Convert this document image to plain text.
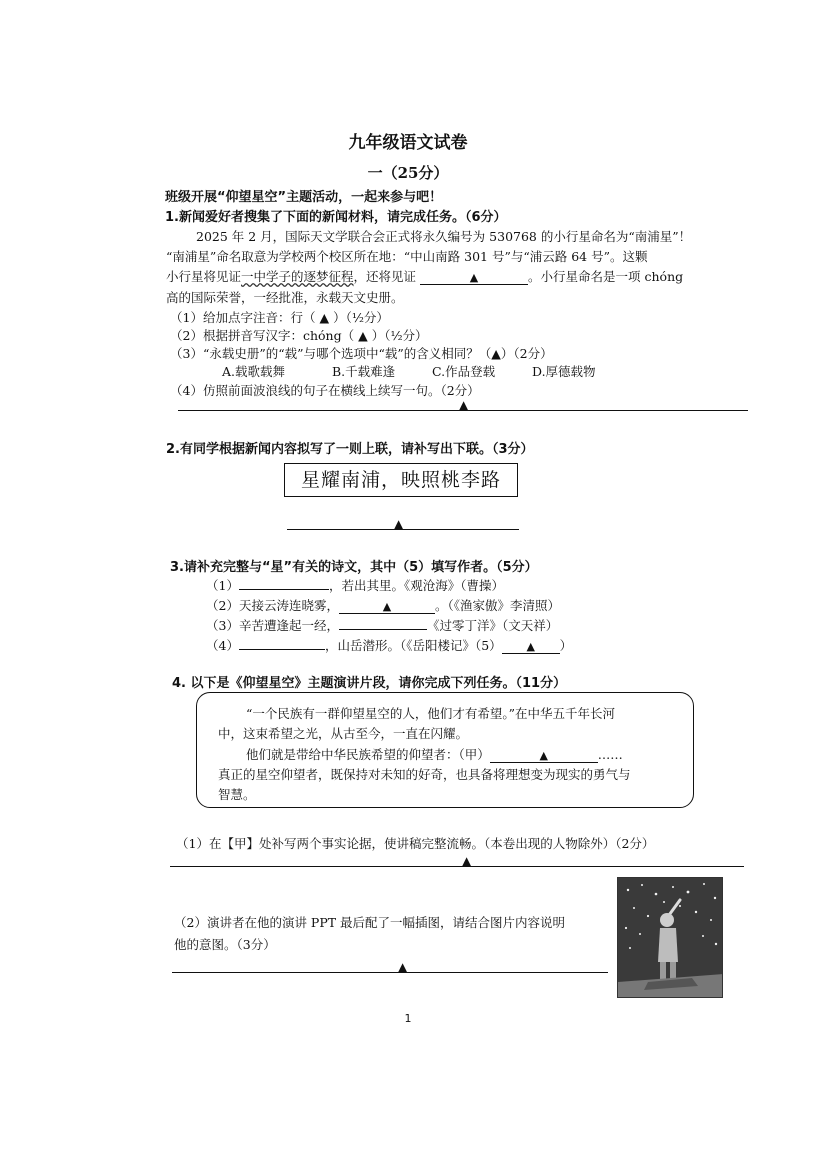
九年级语文试卷
一（25分）
班级开展“仰望星空”主题活动，一起来参与吧！
1.新闻爱好者搜集了下面的新闻材料，请完成任务。（6分）
2025 年 2 月，国际天文学联合会正式将永久编号为 530768 的小行星命名为“南浦星”！
“南浦星”命名取意为学校两个校区所在地：“中山南路 301 号”与“浦云路 64 号”。这颗
小行星将见证一中学子的逐梦征程，还将见证	▲	。小行星命名是一项 chóng
高的国际荣誉，一经批准，永载天文史册。
（1）给加点字注音：行（ ▲ ）（½分）
（2）根据拼音写汉字：chóng（ ▲ ）（½分）
（3）“永载史册”的“载”与哪个选项中“载”的含义相同？（▲）（2分）
A.载歌载舞	B.千载难逢	C.作品登载	D.厚德载物
（4）仿照前面波浪线的句子在横线上续写一句。（2分）
▲
2.有同学根据新闻内容拟写了一则上联，请补写出下联。（3分）
星耀南浦，映照桃李路
▲
3.请补充完整与“星”有关的诗文，其中（5）填写作者。（5分）
（1）	，若出其里。《观沧海》（曹操）
（2）天接云涛连晓雾，	▲	。（《渔家傲》李清照）
（3）辛苦遭逢起一经，	《过零丁洋》（文天祥）
（4）	，山岳潜形。（《岳阳楼记》（5） ▲ ）
4. 以下是《仰望星空》主题演讲片段，请你完成下列任务。（11分）
“一个民族有一群仰望星空的人，他们才有希望。”在中华五千年长河
中，这束希望之光，从古至今，一直在闪耀。
他们就是带给中华民族希望的仰望者：（甲）	▲	……
真正的星空仰望者，既保持对未知的好奇，也具备将理想变为现实的勇气与
智慧。
（1）在【甲】处补写两个事实论据，使讲稿完整流畅。（本卷出现的人物除外）（2分）
▲
（2）演讲者在他的演讲 PPT 最后配了一幅插图，请结合图片内容说明
他的意图。（3分）
▲
1
